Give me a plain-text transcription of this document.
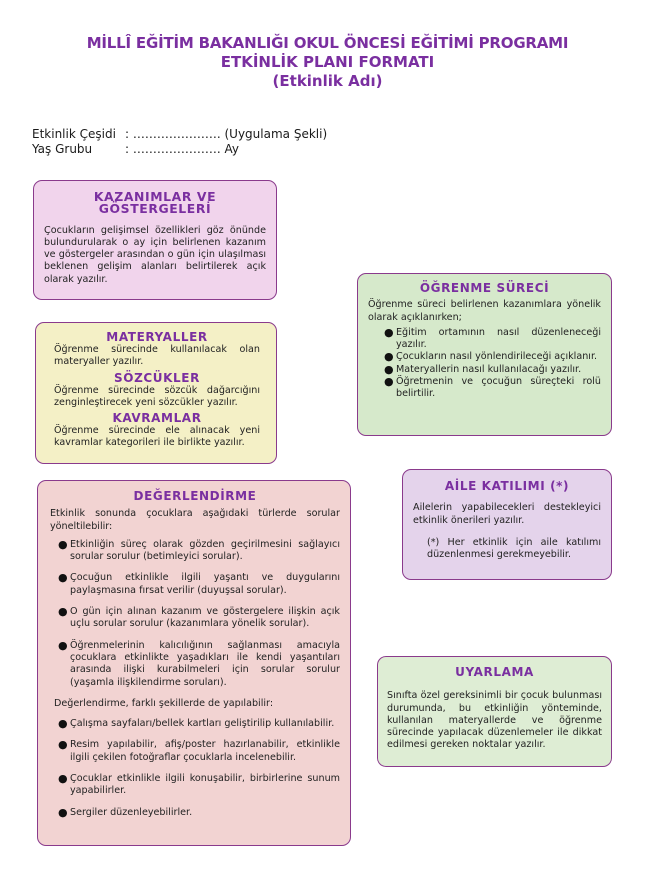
MİLLÎ EĞİTİM BAKANLIĞI OKUL ÖNCESİ EĞİTİMİ PROGRAMI
ETKİNLİK PLANI FORMATI
(Etkinlik Adı)
Etkinlik Çeşidi : …………………. (Uygulama Şekli)
Yaş Grubu	: …………………. Ay
KAZANIMLAR VE GÖSTERGELERİ
Çocukların gelişimsel özellikleri göz önünde bulundurularak o ay için belirlenen kazanım ve göstergeler arasından o gün için ulaşılması beklenen gelişim alanları belirtilerek açık olarak yazılır.
ÖĞRENME SÜRECİ
Öğrenme süreci belirlenen kazanımlara yönelik olarak açıklanırken;
● Eğitim ortamının nasıl düzenleneceği yazılır.
● Çocukların nasıl yönlendirileceği açıklanır.
● Materyallerin nasıl kullanılacağı yazılır.
● Öğretmenin ve çocuğun süreçteki rolü belirtilir.
MATERYALLER
Öğrenme sürecinde kullanılacak olan materyaller yazılır.
SÖZCÜKLER
Öğrenme sürecinde sözcük dağarcığını zenginleştirecek yeni sözcükler yazılır.
KAVRAMLAR
Öğrenme sürecinde ele alınacak yeni kavramlar kategorileri ile birlikte yazılır.
AİLE KATILIMI (*)
Ailelerin yapabilecekleri destekleyici etkinlik önerileri yazılır.
(*) Her etkinlik için aile katılımı düzenlenmesi gerekmeyebilir.
DEĞERLENDİRME
Etkinlik sonunda çocuklara aşağıdaki türlerde sorular yöneltilebilir:
● Etkinliğin süreç olarak gözden geçirilmesini sağlayıcı sorular sorulur (betimleyici sorular).
● Çocuğun etkinlikle ilgili yaşantı ve duygularını paylaşmasına fırsat verilir (duyuşsal sorular).
● O gün için alınan kazanım ve göstergelere ilişkin açık uçlu sorular sorulur (kazanımlara yönelik sorular).
● Öğrenmelerinin kalıcılığının sağlanması amacıyla çocuklara etkinlikte yaşadıkları ile kendi yaşantıları arasında ilişki kurabilmeleri için sorular sorulur (yaşamla ilişkilendirme soruları).
Değerlendirme, farklı şekillerde de yapılabilir:
● Çalışma sayfaları/bellek kartları geliştirilip kullanılabilir.
● Resim yapılabilir, afiş/poster hazırlanabilir, etkinlikle ilgili çekilen fotoğraflar çocuklarla incelenebilir.
● Çocuklar etkinlikle ilgili konuşabilir, birbirlerine sunum yapabilirler.
● Sergiler düzenleyebilirler.
UYARLAMA
Sınıfta özel gereksinimli bir çocuk bulunması durumunda, bu etkinliğin yönteminde, kullanılan materyallerde ve öğrenme sürecinde yapılacak düzenlemeler ile dikkat edilmesi gereken noktalar yazılır.
